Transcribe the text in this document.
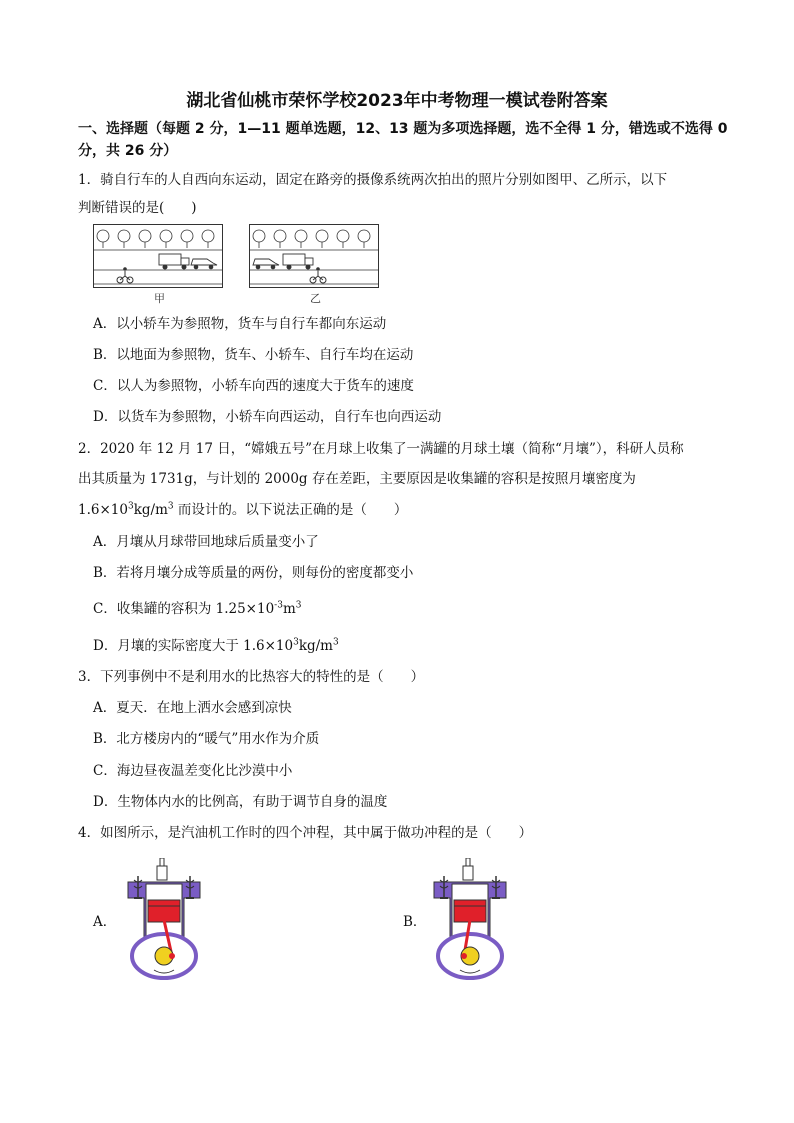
湖北省仙桃市荣怀学校2023年中考物理一模试卷附答案
一、选择题（每题 2 分，1—11 题单选题，12、13 题为多项选择题，选不全得 1 分，错选或不选得 0 分，共 26 分）
1．骑自行车的人自西向东运动，固定在路旁的摄像系统两次拍出的照片分别如图甲、乙所示，以下
判断错误的是(　　)
甲	乙
A．以小轿车为参照物，货车与自行车都向东运动
B．以地面为参照物，货车、小轿车、自行车均在运动
C．以人为参照物，小轿车向西的速度大于货车的速度
D．以货车为参照物，小轿车向西运动，自行车也向西运动
2．2020 年 12 月 17 日，“嫦娥五号”在月球上收集了一满罐的月球土壤（简称“月壤”），科研人员称
出其质量为 1731g，与计划的 2000g 存在差距，主要原因是收集罐的容积是按照月壤密度为
$1.6\times 10^3kg/m^3$ 而设计的。以下说法正确的是（　　）
A．月壤从月球带回地球后质量变小了
B．若将月壤分成等质量的两份，则每份的密度都变小
C．收集罐的容积为 $1.25\times 10^{-3}m^3$
D．月壤的实际密度大于 $1.6\times 10^3kg/m^3$
3．下列事例中不是利用水的比热容大的特性的是（　　）
A．夏天．在地上洒水会感到凉快
B．北方楼房内的“暖气”用水作为介质
C．海边昼夜温差变化比沙漠中小
D．生物体内水的比例高，有助于调节自身的温度
4．如图所示，是汽油机工作时的四个冲程，其中属于做功冲程的是（　　）
A．	B．
